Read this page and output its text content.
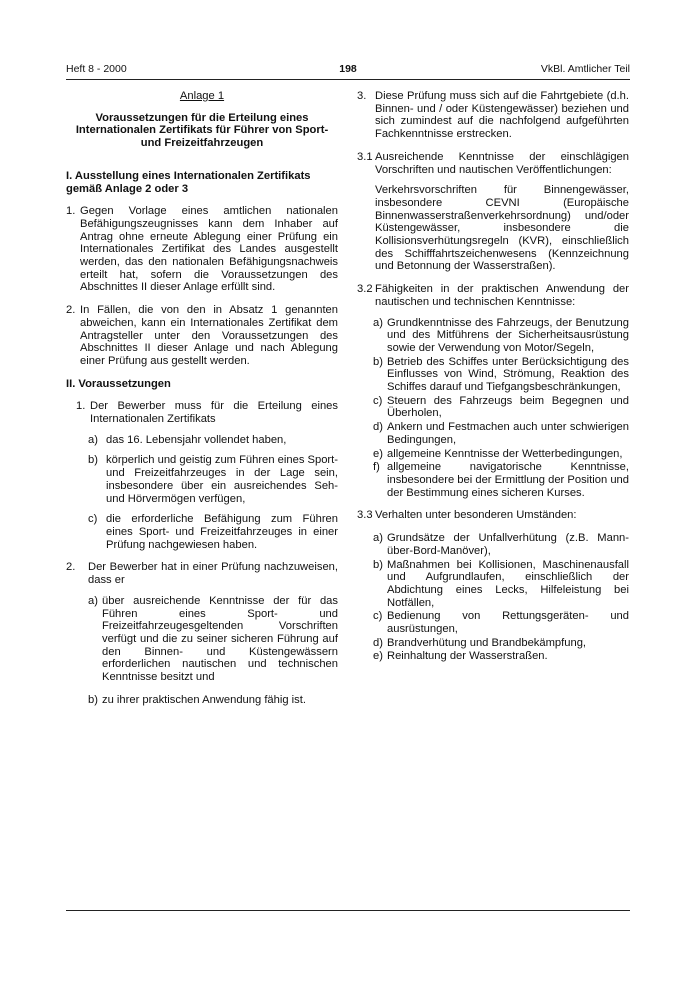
Heft 8 - 2000	198	VkBl. Amtlicher Teil

Anlage 1

Voraussetzungen für die Erteilung eines Internationalen Zertifikats für Führer von Sport- und Freizeitfahrzeugen

I. Ausstellung eines Internationalen Zertifikats gemäß Anlage 2 oder 3

1. Gegen Vorlage eines amtlichen nationalen Befähigungszeugnisses kann dem Inhaber auf Antrag ohne erneute Ablegung einer Prüfung ein Internationales Zertifikat des Landes ausgestellt werden, das den nationalen Befähigungsnachweis erteilt hat, sofern die Voraussetzungen des Abschnittes II dieser Anlage erfüllt sind.
2. In Fällen, die von den in Absatz 1 genannten abweichen, kann ein Internationales Zertifikat dem Antragsteller unter den Voraussetzungen des Abschnittes II dieser Anlage und nach Ablegung einer Prüfung aus gestellt werden.

II. Voraussetzungen

1. Der Bewerber muss für die Erteilung eines Internationalen Zertifikats
a) das 16. Lebensjahr vollendet haben,
b) körperlich und geistig zum Führen eines Sport- und Freizeitfahrzeuges in der Lage sein, insbesondere über ein ausreichendes Seh- und Hörvermögen verfügen,
c) die erforderliche Befähigung zum Führen eines Sport- und Freizeitfahrzeuges in einer Prüfung nachgewiesen haben.
2.	Der Bewerber hat in einer Prüfung nachzuweisen, dass er
a) über ausreichende Kenntnisse der für das Führen eines Sport- und Freizeitfahrzeugesgeltenden Vorschriften verfügt und die zu seiner sicheren Führung auf den Binnen- und Küstengewässern erforderlichen nautischen und technischen Kenntnisse besitzt und
b) zu ihrer praktischen Anwendung fähig ist.
3. Diese Prüfung muss sich auf die Fahrtgebiete (d.h. Binnen- und / oder Küstengewässer) beziehen und sich zumindest auf die nachfolgend aufgeführten Fachkenntnisse erstrecken.
3.1 Ausreichende Kenntnisse der einschlägigen Vorschriften und nautischen Veröffentlichungen:

Verkehrsvorschriften für Binnengewässer, insbesondere CEVNI (Europäische Binnenwasserstraßenverkehrsordnung) und/oder Küstengewässer, insbesondere die Kollisionsverhütungsregeln (KVR), einschließlich des Schifffahrtszeichenwesens (Kennzeichnung und Betonnung der Wasserstraßen).

3.2 Fähigkeiten in der praktischen Anwendung der nautischen und technischen Kenntnisse:
a) Grundkenntnisse des Fahrzeugs, der Benutzung und des Mitführens der Sicherheitsausrüstung sowie der Verwendung von Motor/Segeln,
b) Betrieb des Schiffes unter Berücksichtigung des Einflusses von Wind, Strömung, Reaktion des Schiffes darauf und Tiefgangsbeschränkungen,
c) Steuern des Fahrzeugs beim Begegnen und Überholen,
d) Ankern und Festmachen auch unter schwierigen Bedingungen,
e) allgemeine Kenntnisse der Wetterbedingungen,
f) allgemeine navigatorische Kenntnisse, insbesondere bei der Ermittlung der Position und der Bestimmung eines sicheren Kurses.
3.3 Verhalten unter besonderen Umständen:
a) Grundsätze der Unfallverhütung (z.B. Mann-über-Bord-Manöver),
b) Maßnahmen bei Kollisionen, Maschinenausfall und Aufgrundlaufen, einschließlich der Abdichtung eines Lecks, Hilfeleistung bei Notfällen,
c) Bedienung von Rettungsgeräten- und ausrüstungen,
d) Brandverhütung und Brandbekämpfung,
e) Reinhaltung der Wasserstraßen.
